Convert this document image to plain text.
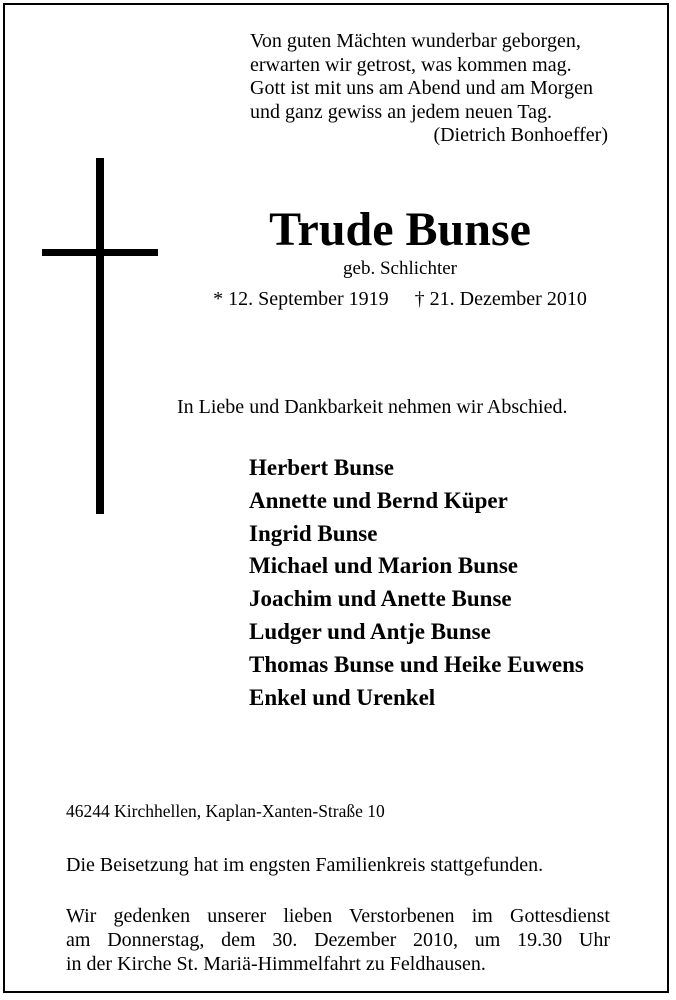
Von guten Mächten wunderbar geborgen,
erwarten wir getrost, was kommen mag.
Gott ist mit uns am Abend und am Morgen
und ganz gewiss an jedem neuen Tag.
(Dietrich Bonhoeffer)
Trude Bunse
geb. Schlichter
* 12. September 1919 † 21. Dezember 2010
In Liebe und Dankbarkeit nehmen wir Abschied.
Herbert Bunse
Annette und Bernd Küper
Ingrid Bunse
Michael und Marion Bunse
Joachim und Anette Bunse
Ludger und Antje Bunse
Thomas Bunse und Heike Euwens
Enkel und Urenkel
46244 Kirchhellen, Kaplan-Xanten-Straße 10
Die Beisetzung hat im engsten Familienkreis stattgefunden.
Wir gedenken unserer lieben Verstorbenen im Gottesdienst
am Donnerstag, dem 30. Dezember 2010, um 19.30 Uhr
in der Kirche St. Mariä-Himmelfahrt zu Feldhausen.
